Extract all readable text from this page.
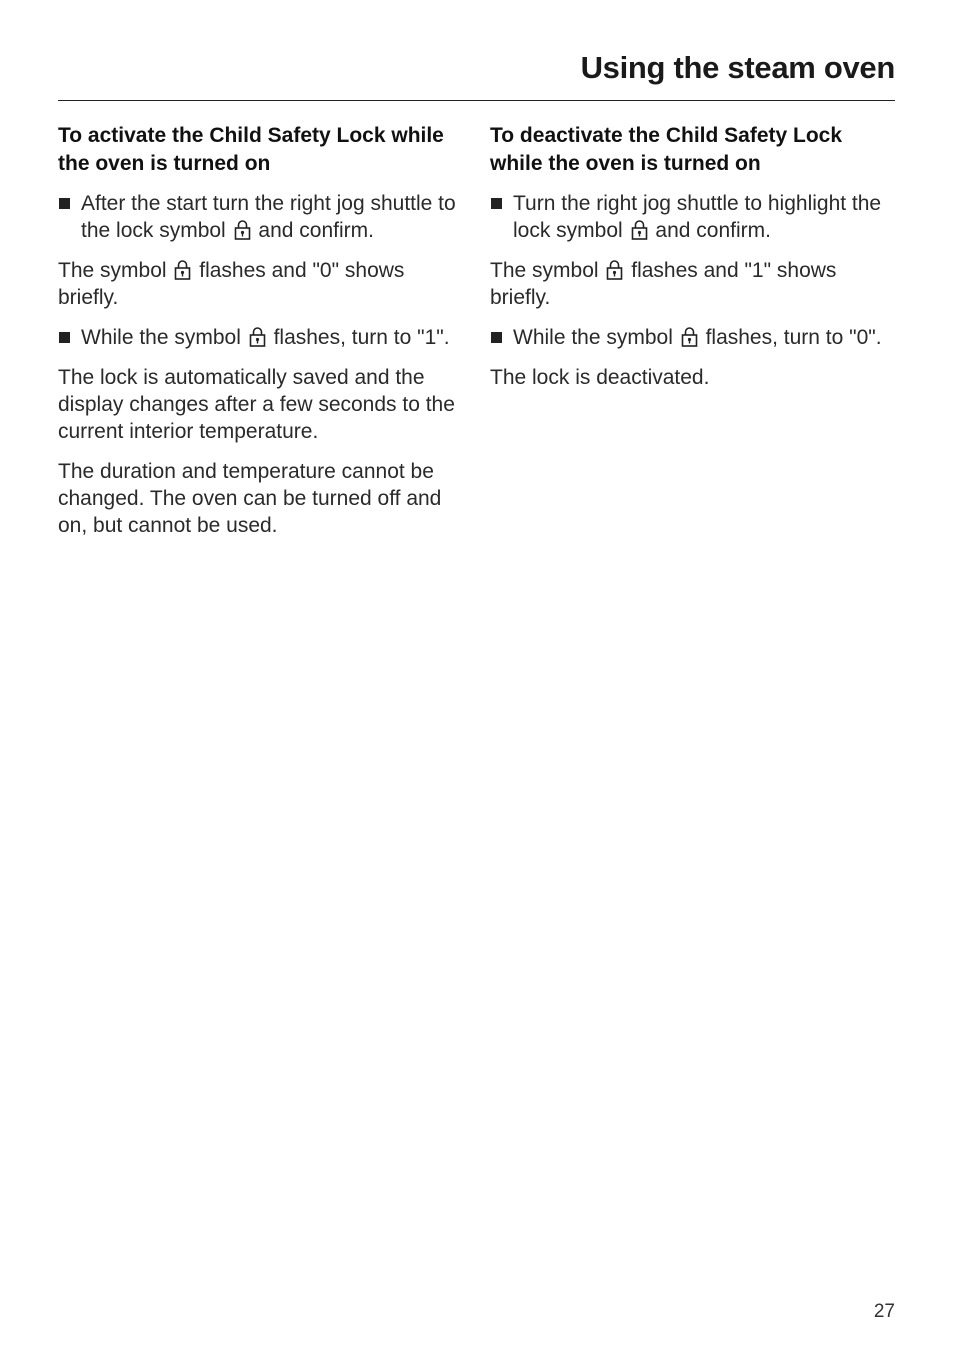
Using the steam oven
To activate the Child Safety Lock while the oven is turned on

After the start turn the right jog shuttle to the lock symbol and confirm.

The symbol flashes and "0" shows briefly.

While the symbol flashes, turn to "1".

The lock is automatically saved and the display changes after a few seconds to the current interior temperature.

The duration and temperature cannot be changed. The oven can be turned off and on, but cannot be used.

To deactivate the Child Safety Lock while the oven is turned on

Turn the right jog shuttle to highlight the lock symbol and confirm.

The symbol flashes and "1" shows briefly.

While the symbol flashes, turn to "0".

The lock is deactivated.

27
